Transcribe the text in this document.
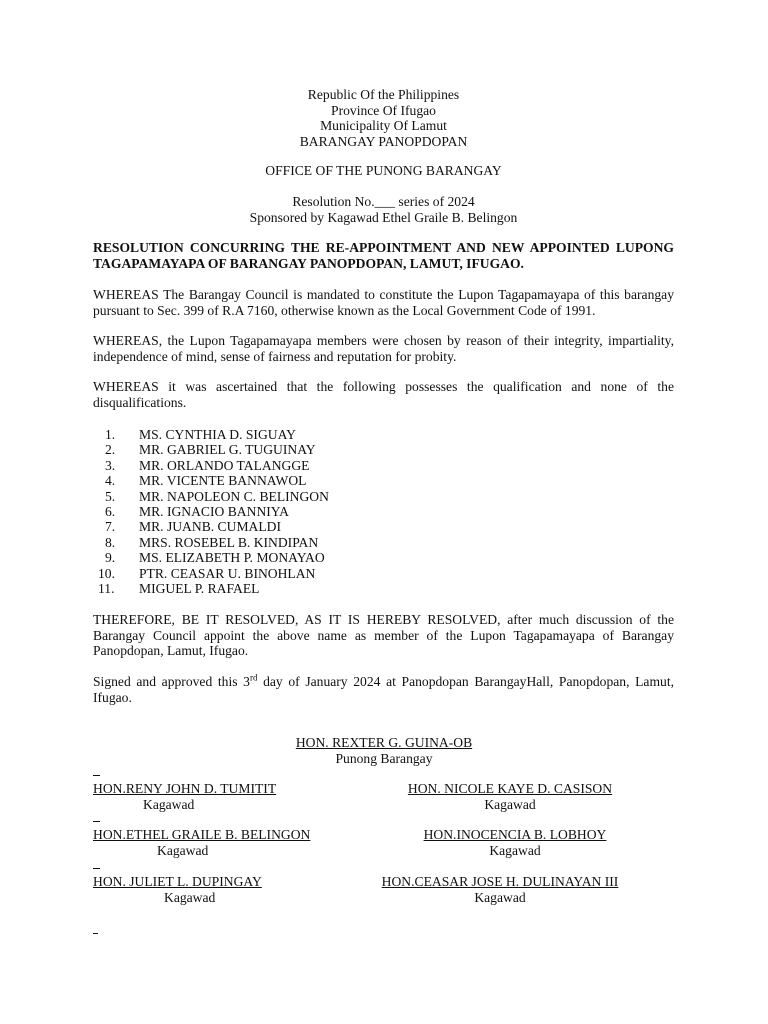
Republic Of the Philippines
Province Of Ifugao
Municipality Of Lamut
BARANGAY PANOPDOPAN
OFFICE OF THE PUNONG BARANGAY
Resolution No.___ series of 2024
Sponsored by Kagawad Ethel Graile B. Belingon

RESOLUTION CONCURRING THE RE-APPOINTMENT AND NEW APPOINTED LUPONG TAGAPAMAYAPA OF BARANGAY PANOPDOPAN, LAMUT, IFUGAO.

WHEREAS The Barangay Council is mandated to constitute the Lupon Tagapamayapa of this barangay pursuant to Sec. 399 of R.A 7160, otherwise known as the Local Government Code of 1991.

WHEREAS, the Lupon Tagapamayapa members were chosen by reason of their integrity, impartiality, independence of mind, sense of fairness and reputation for probity.

WHEREAS it was ascertained that the following possesses the qualification and none of the disqualifications.

1.	MS. CYNTHIA D. SIGUAY
2.	MR. GABRIEL G. TUGUINAY
3.	MR. ORLANDO TALANGGE
4.	MR. VICENTE BANNAWOL
5.	MR. NAPOLEON C. BELINGON
6.	MR. IGNACIO BANNIYA
7.	MR. JUANB. CUMALDI
8.	MRS. ROSEBEL B. KINDIPAN
9.	MS. ELIZABETH P. MONAYAO
10.	PTR. CEASAR U. BINOHLAN
11.	MIGUEL P. RAFAEL

THEREFORE, BE IT RESOLVED, AS IT IS HEREBY RESOLVED, after much discussion of the Barangay Council appoint the above name as member of the Lupon Tagapamayapa of Barangay Panopdopan, Lamut, Ifugao.

Signed and approved this 3rd day of January 2024 at Panopdopan BarangayHall, Panopdopan, Lamut, Ifugao.

HON. REXTER G. GUINA-OB
Punong Barangay
HON.RENY JOHN D. TUMITIT
Kagawad
HON. NICOLE KAYE D. CASISON
Kagawad
HON.ETHEL GRAILE B. BELINGON
Kagawad
HON.INOCENCIA B. LOBHOY
Kagawad
HON. JULIET L. DUPINGAY
Kagawad
HON.CEASAR JOSE H. DULINAYAN III
Kagawad
